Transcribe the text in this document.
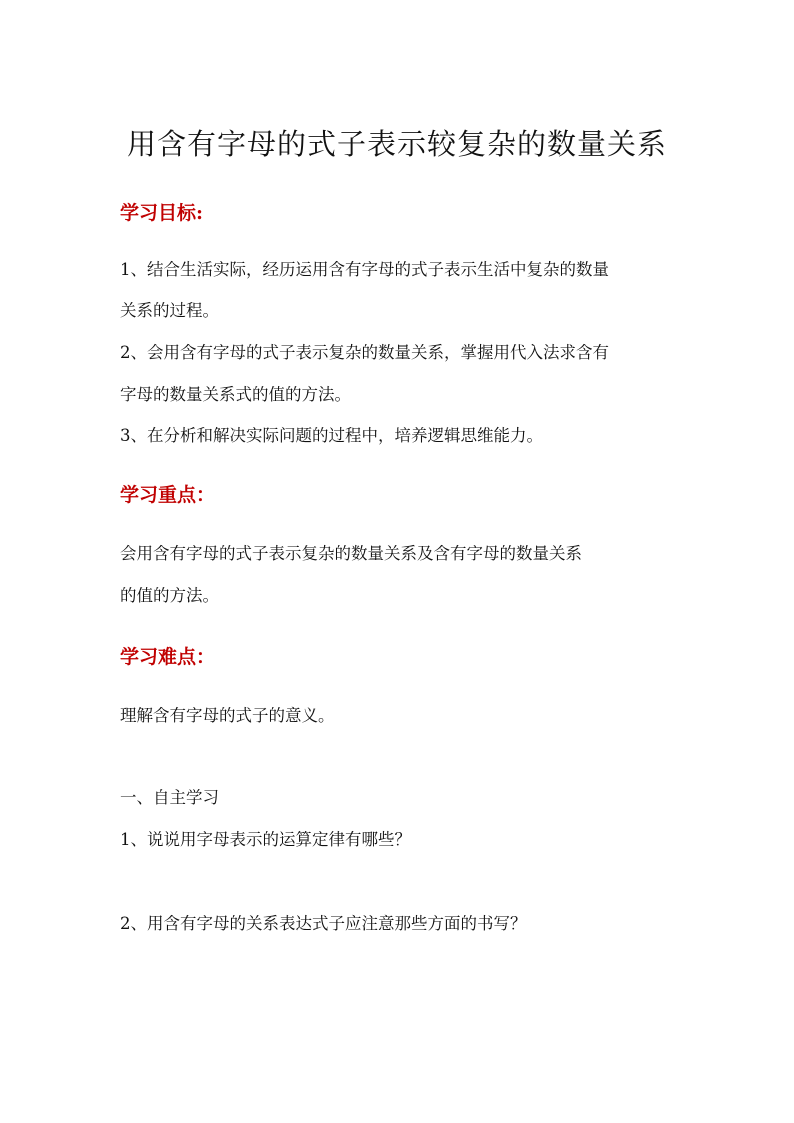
用含有字母的式子表示较复杂的数量关系
学习目标:
1、结合生活实际，经历运用含有字母的式子表示生活中复杂的数量
关系的过程。
2、会用含有字母的式子表示复杂的数量关系，掌握用代入法求含有
字母的数量关系式的值的方法。
3、在分析和解决实际问题的过程中，培养逻辑思维能力。
学习重点：
会用含有字母的式子表示复杂的数量关系及含有字母的数量关系
的值的方法。
学习难点：
理解含有字母的式子的意义。
一、自主学习
1、说说用字母表示的运算定律有哪些？
2、用含有字母的关系表达式子应注意那些方面的书写？
